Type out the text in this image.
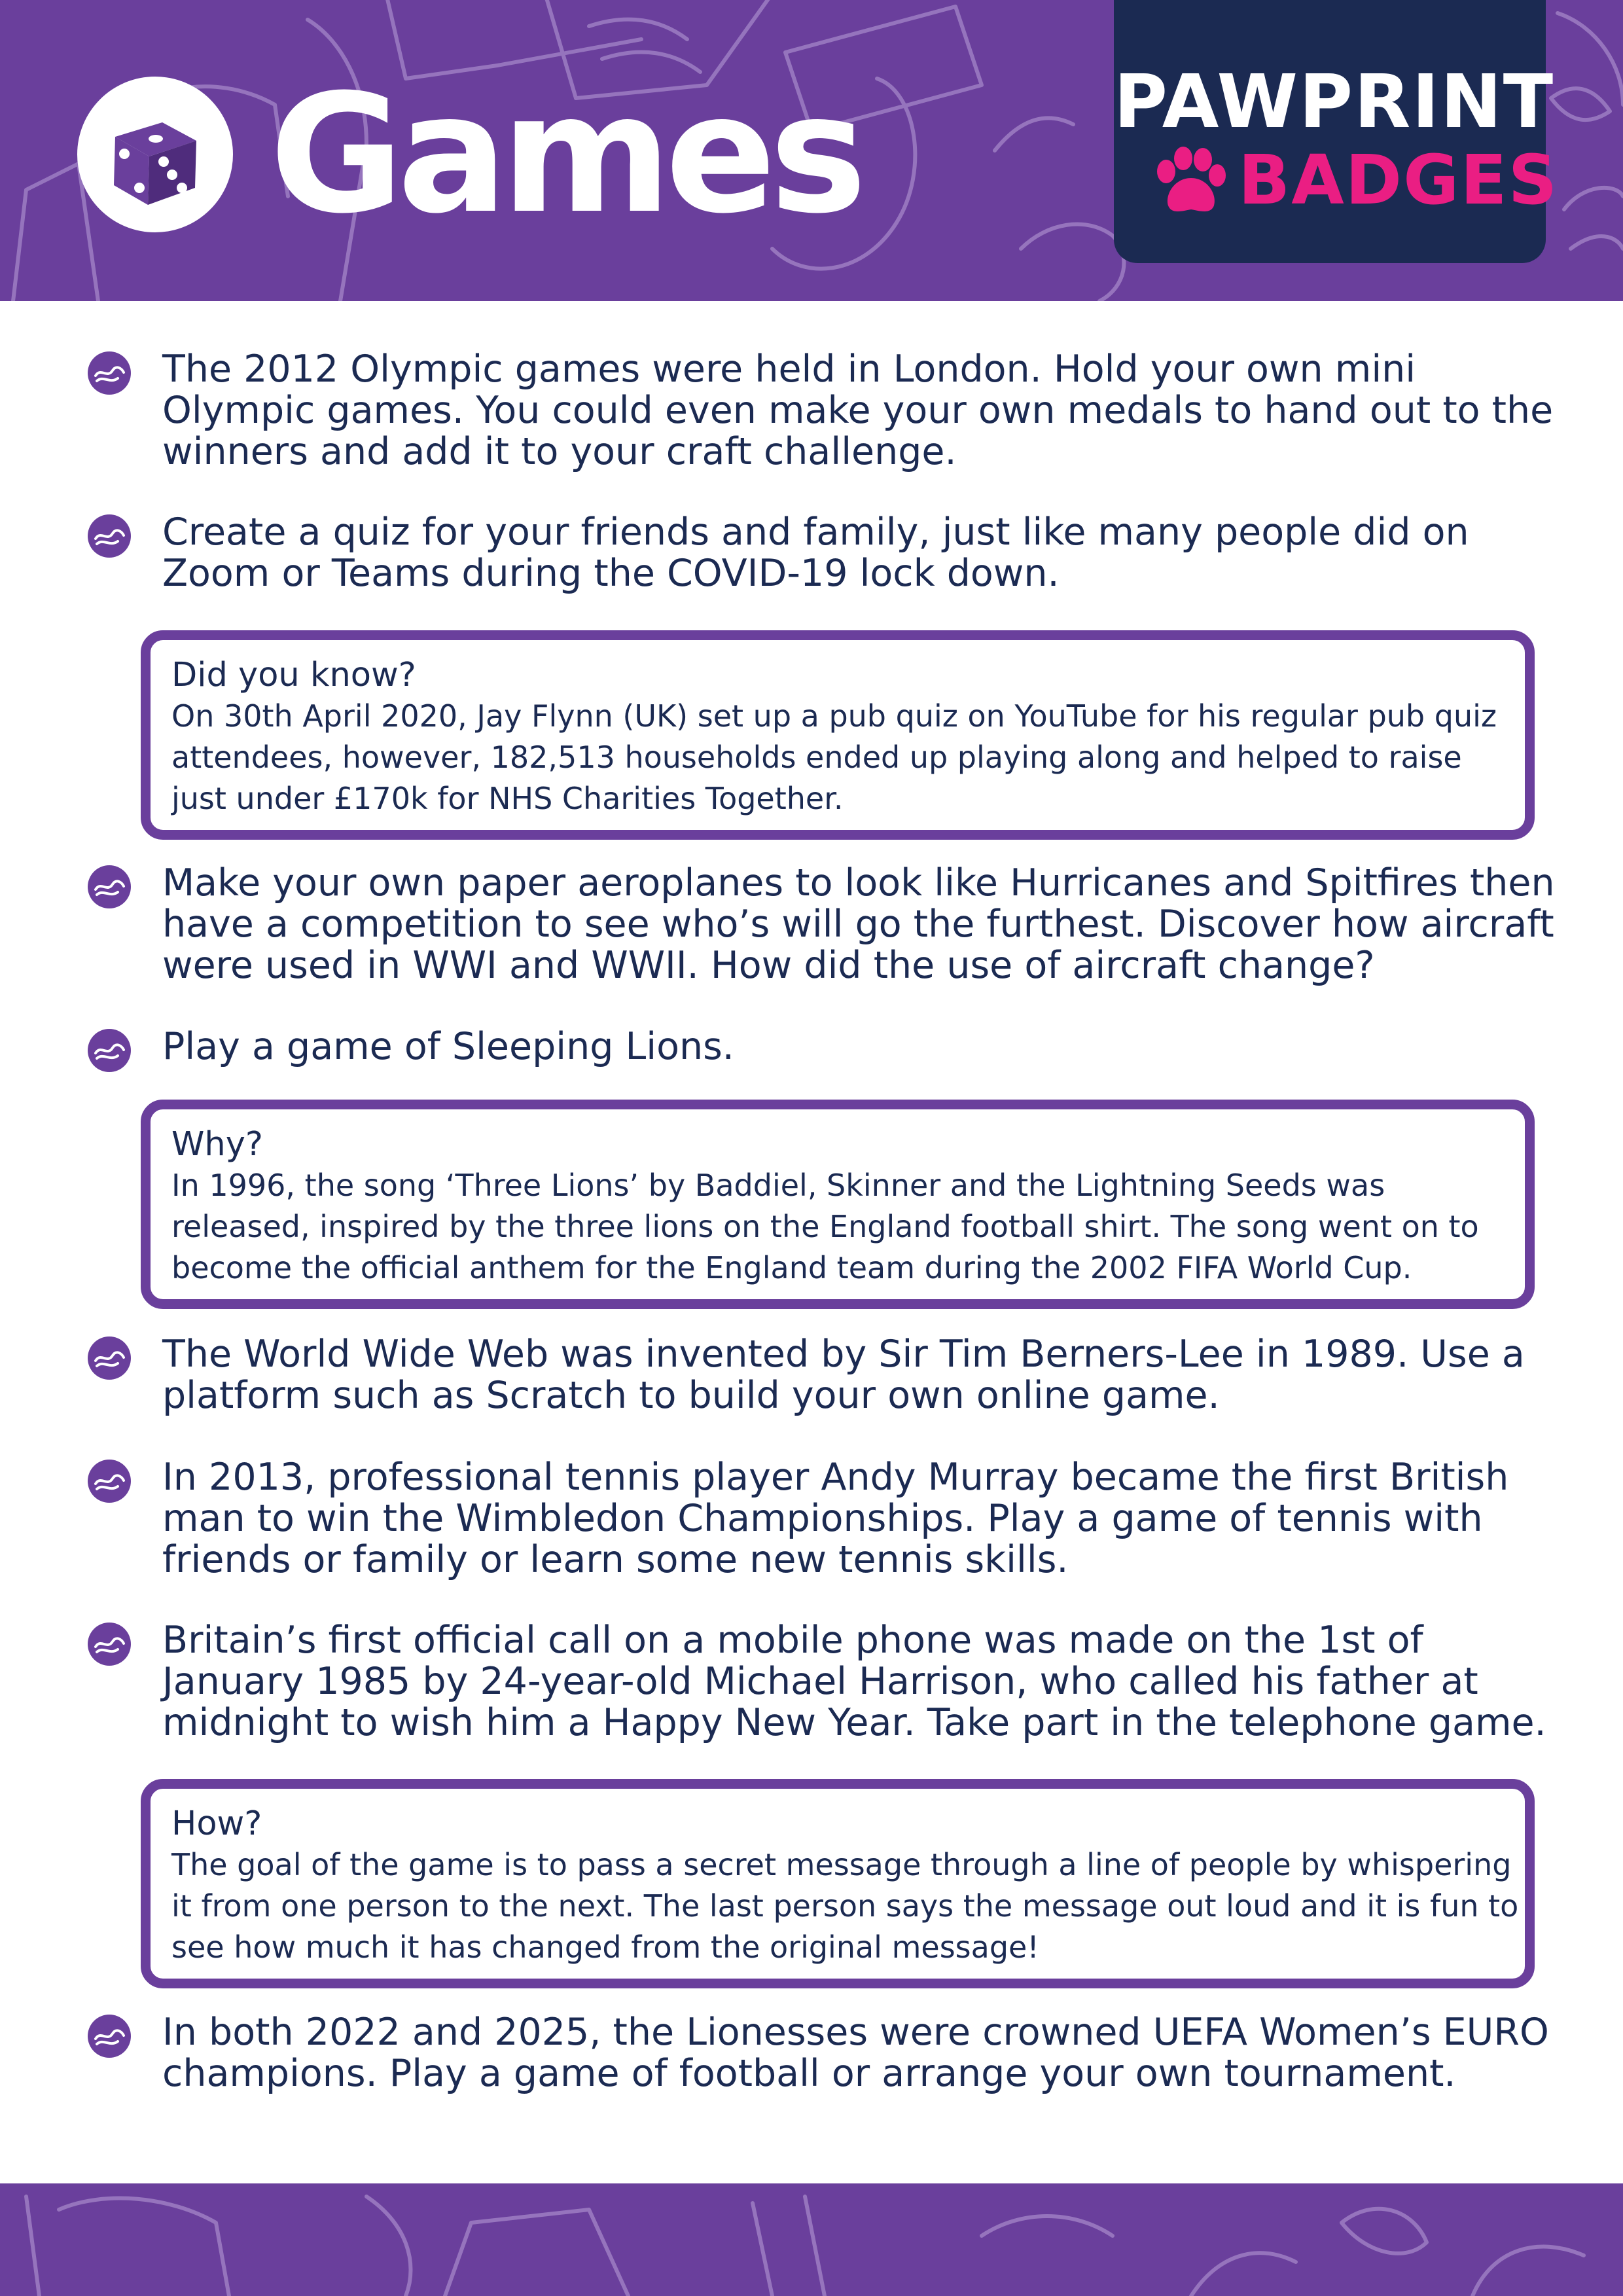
Games	PAWPRINT
BADGES

The 2012 Olympic games were held in London. Hold your own mini Olympic games. You could even make your own medals to hand out to the winners and add it to your craft challenge.

Create a quiz for your friends and family, just like many people did on Zoom or Teams during the COVID-19 lock down.

Did you know?

On 30th April 2020, Jay Flynn (UK) set up a pub quiz on YouTube for his regular pub quiz attendees, however, 182,513 households ended up playing along and helped to raise just under £170k for NHS Charities Together.

Make your own paper aeroplanes to look like Hurricanes and Spitfires then have a competition to see who’s will go the furthest. Discover how aircraft were used in WWI and WWII. How did the use of aircraft change?

Play a game of Sleeping Lions.

Why?

In 1996, the song ‘Three Lions’ by Baddiel, Skinner and the Lightning Seeds was released, inspired by the three lions on the England football shirt. The song went on to become the official anthem for the England team during the 2002 FIFA World Cup.

The World Wide Web was invented by Sir Tim Berners-Lee in 1989. Use a platform such as Scratch to build your own online game.

In 2013, professional tennis player Andy Murray became the first British man to win the Wimbledon Championships. Play a game of tennis with friends or family or learn some new tennis skills.

Britain’s first official call on a mobile phone was made on the 1st of January 1985 by 24-year-old Michael Harrison, who called his father at midnight to wish him a Happy New Year. Take part in the telephone game.

How?

The goal of the game is to pass a secret message through a line of people by whispering it from one person to the next. The last person says the message out loud and it is fun to see how much it has changed from the original message!

In both 2022 and 2025, the Lionesses were crowned UEFA Women’s EURO champions. Play a game of football or arrange your own tournament.
